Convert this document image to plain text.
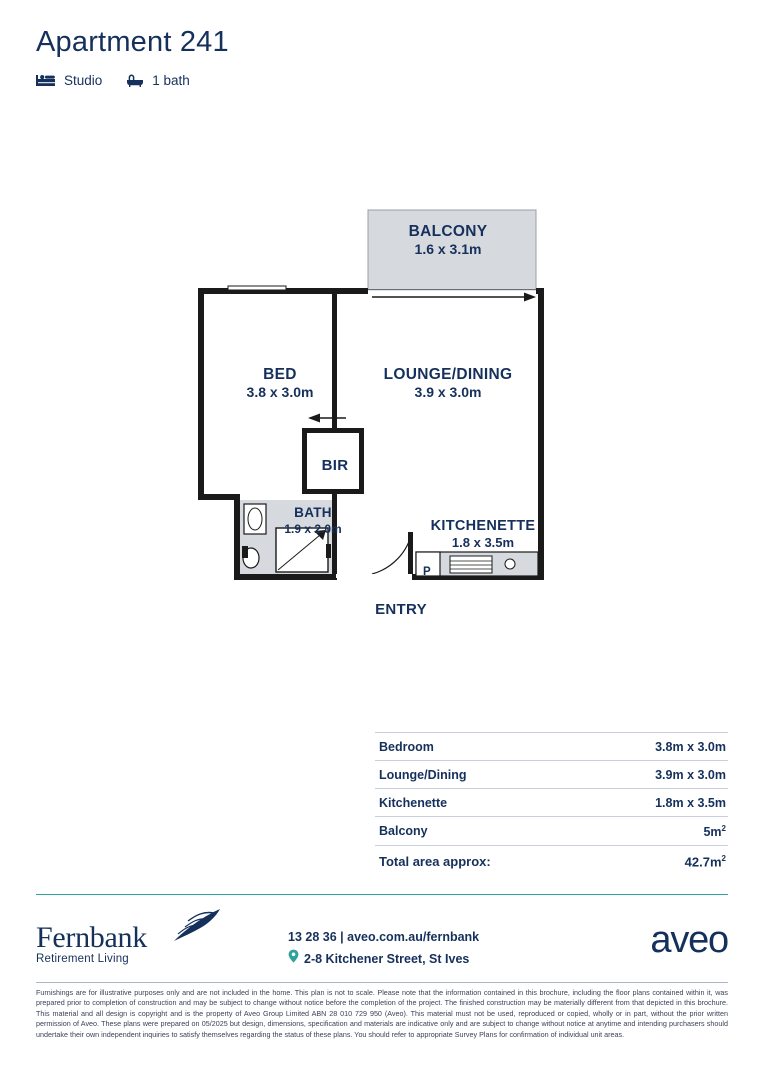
Apartment 241
Studio	1 bath
BALCONY
1.6 x 3.1m
BED
3.8 x 3.0m
LOUNGE/DINING
3.9 x 3.0m
BATH
1.9 x 2.0m	KITCHENETTE
1.8 x 3.5m
BIR
ENTRY
P
Bedroom	3.8m x 3.0m
Lounge/Dining	3.9m x 3.0m
Kitchenette	1.8m x 3.5m
Balcony	$5m^2$
Total area approx:	$42.7m^2$
Fernbank
Retirement Living
13 28 36 | aveo.com.au/fernbank
2-8 Kitchener Street, St Ives	aveo
Furnishings are for illustrative purposes only and are not included in the home. This plan is not to scale. Please note that the information contained in this brochure, including the floor plans contained within it, was prepared prior to completion of construction and may be subject to change without notice before the completion of the project. The finished construction may be materially different from that depicted in this brochure. This material and all design is copyright and is the property of Aveo Group Limited ABN 28 010 729 950 (Aveo). This material must not be used, reproduced or copied, wholly or in part, without the prior written permission of Aveo. These plans were prepared on 05/2025 but design, dimensions, specification and materials are indicative only and are subject to change without notice at anytime and intending purchasers should undertake their own independent inquiries to satisfy themselves regarding the status of these plans. You should refer to appropriate Survey Plans for confirmation of individual unit areas.
